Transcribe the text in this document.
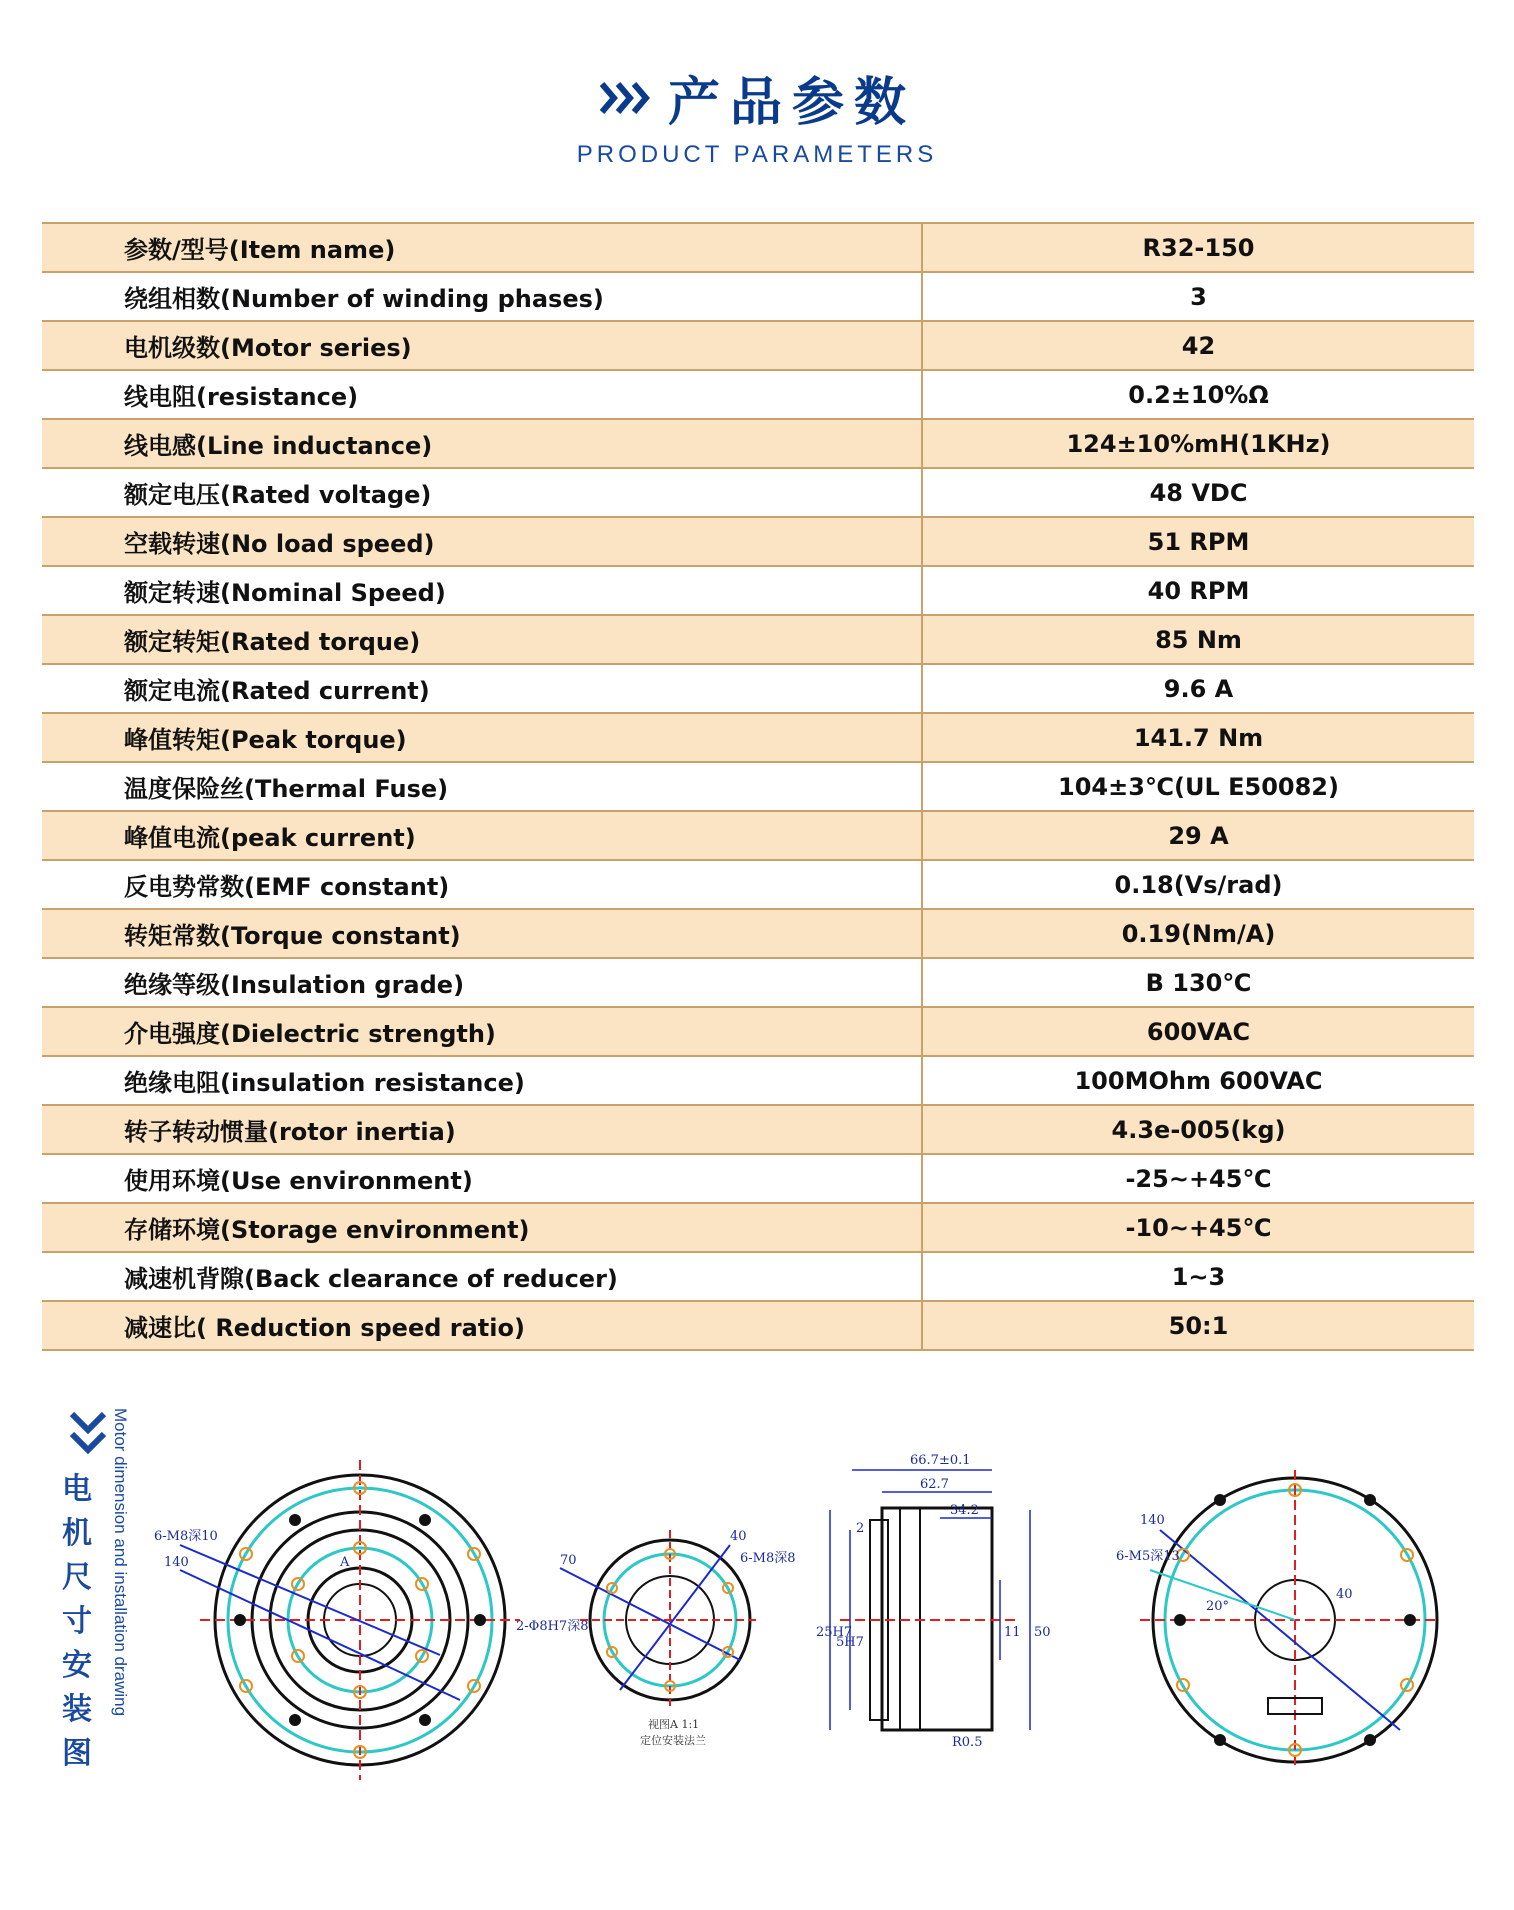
产品参数
PRODUCT PARAMETERS
参数/型号(Item name)	R32-150
绕组相数(Number of winding phases)	3
电机级数(Motor series)	42
线电阻(resistance)	0.2±10%Ω
线电感(Line inductance)	124±10%mH(1KHz)
额定电压(Rated voltage)	48 VDC
空载转速(No load speed)	51 RPM
额定转速(Nominal Speed)	40 RPM
额定转矩(Rated torque)	85 Nm
额定电流(Rated current)	9.6 A
峰值转矩(Peak torque)	141.7 Nm
温度保险丝(Thermal Fuse)	104±3℃(UL E50082)
峰值电流(peak current)	29 A
反电势常数(EMF constant)	0.18(Vs/rad)
转矩常数(Torque constant)	0.19(Nm/A)
绝缘等级(Insulation grade)	B 130℃
介电强度(Dielectric strength)	600VAC
绝缘电阻(insulation resistance)	100MOhm 600VAC
转子转动惯量(rotor inertia)	4.3e-005(kg)
使用环境(Use environment)	-25~+45℃
存储环境(Storage environment)	-10~+45℃
减速机背隙(Back clearance of reducer)	1~3
减速比( Reduction speed ratio)	50:1
电
机
尺
寸
安
装
图
Motor dimension and installation drawing 6-M8深10
140	A	70
40
6-M8深8
2-Φ8H7深8
视图A 1:1
定位安装法兰
66.7±0.1
62.7
34.2
2
25H7
5H7
11 50
R0.5
140
6-M5深13
40
20°
